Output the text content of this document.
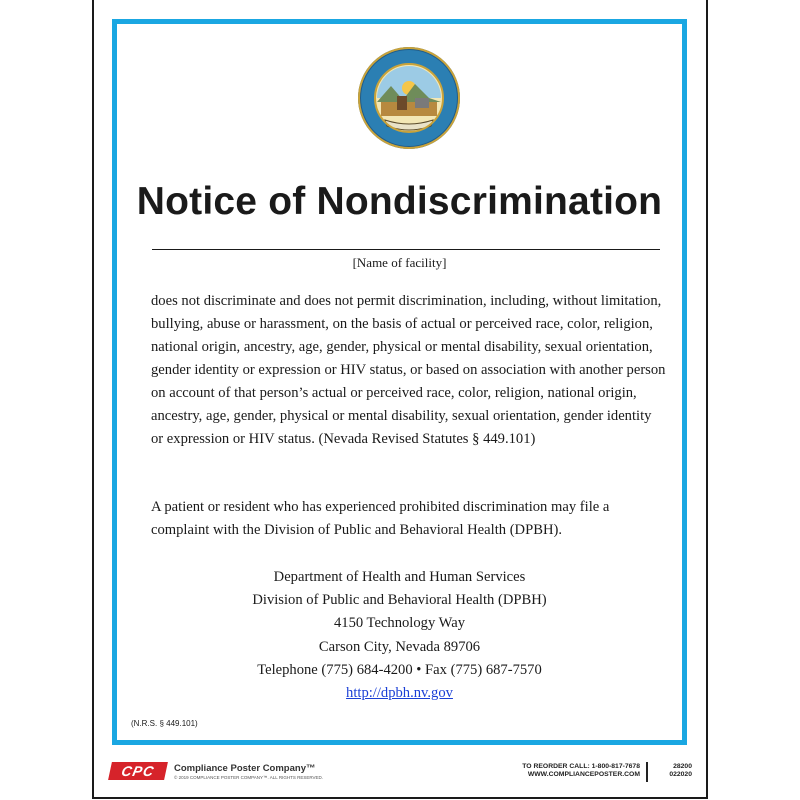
Notice of Nondiscrimination
[Name of facility]
does not discriminate and does not permit discrimination, including, without limitation, bullying, abuse or harassment, on the basis of actual or perceived race, color, religion, national origin, ancestry, age, gender, physical or mental disability, sexual orientation, gender identity or expression or HIV status, or based on association with another person on account of that person’s actual or perceived race, color, religion, national origin, ancestry, age, gender, physical or mental disability, sexual orientation, gender identity or expression or HIV status. (Nevada Revised Statutes § 449.101)
A patient or resident who has experienced prohibited discrimination may file a complaint with the Division of Public and Behavioral Health (DPBH).
Department of Health and Human Services
Division of Public and Behavioral Health (DPBH)
4150 Technology Way
Carson City, Nevada 89706
Telephone (775) 684-4200 • Fax (775) 687-7570
http://dpbh.nv.gov
(N.R.S. § 449.101)
CPC	Compliance Poster Company™
© 2019 COMPLIANCE POSTER COMPANY™. ALL RIGHTS RESERVED.
TO REORDER CALL: 1-800-817-7678
WWW.COMPLIANCEPOSTER.COM
28200
022020
